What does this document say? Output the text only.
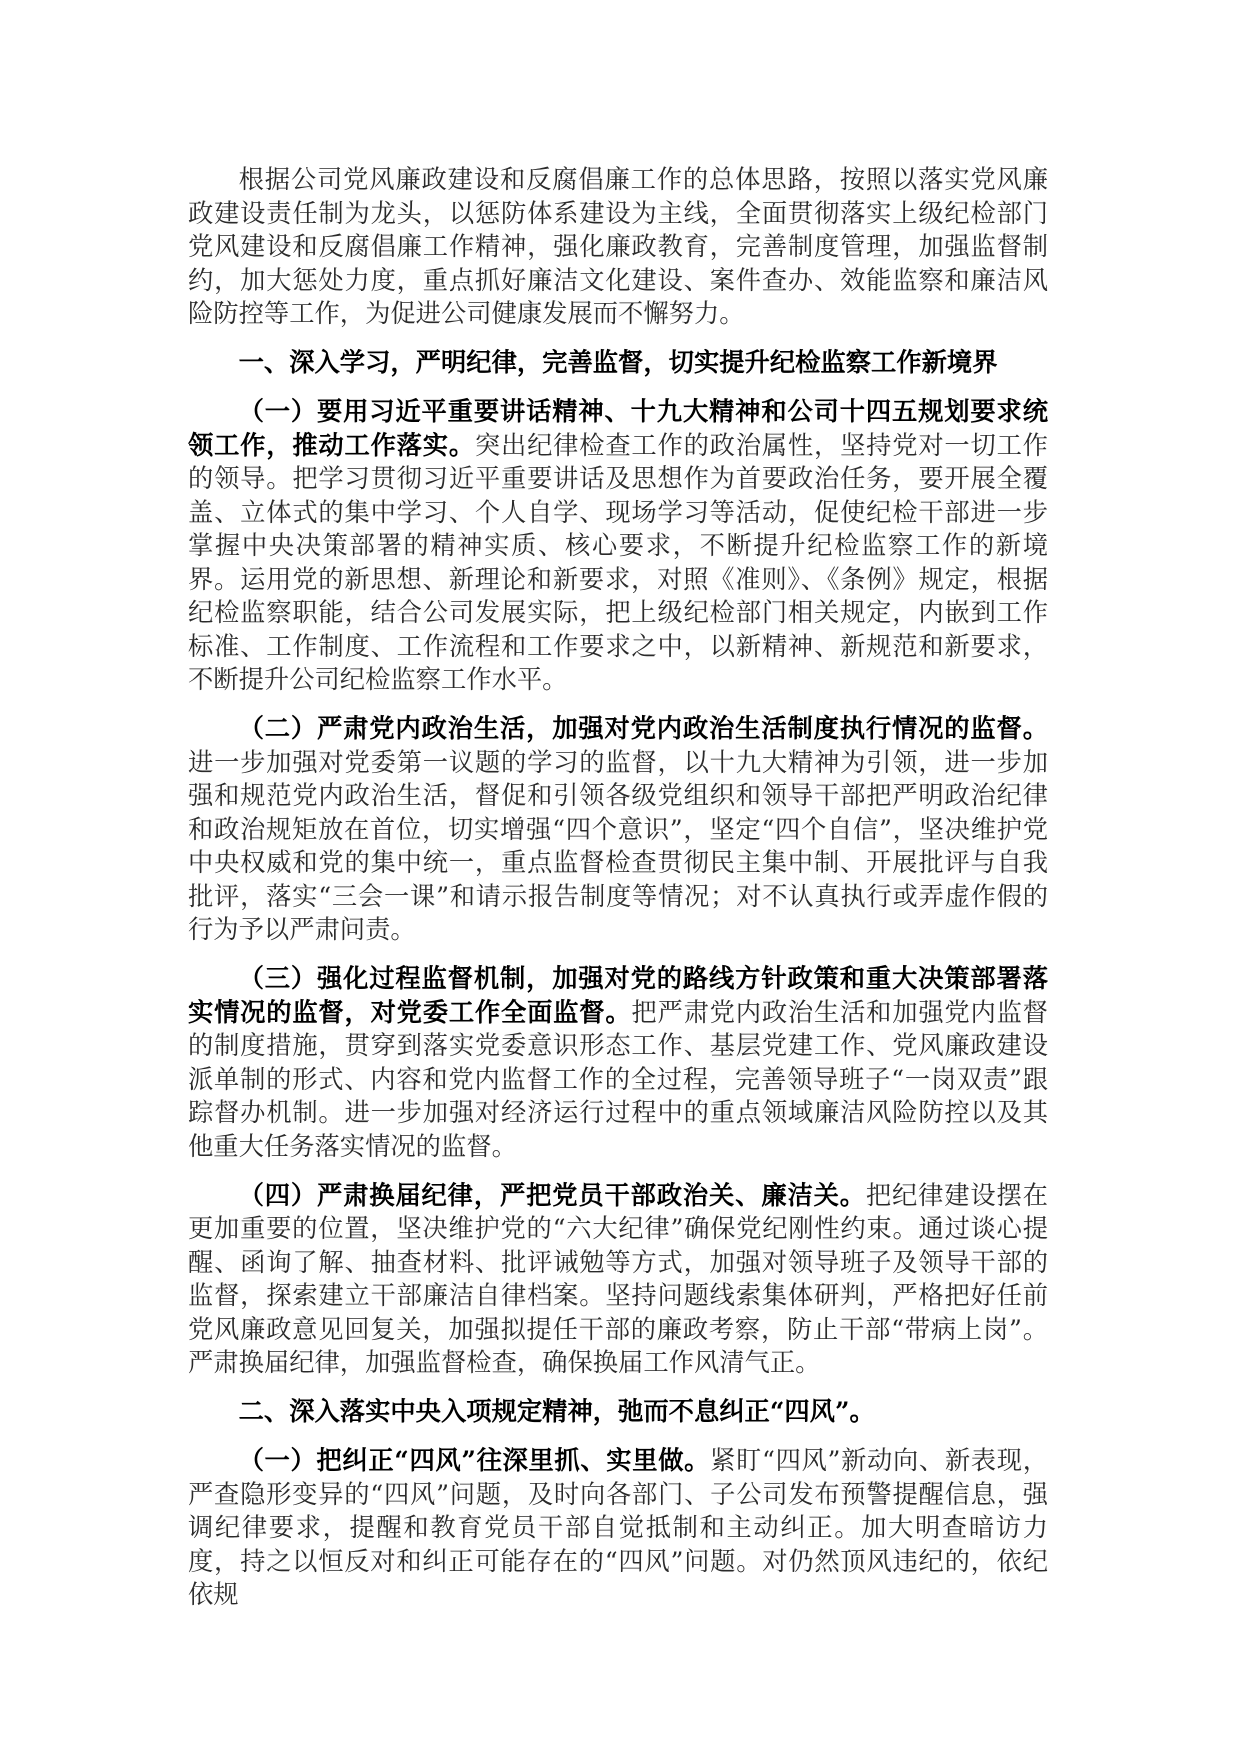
根据公司党风廉政建设和反腐倡廉工作的总体思路，按照以落实党风廉政建设责任制为龙头，以惩防体系建设为主线，全面贯彻落实上级纪检部门党风建设和反腐倡廉工作精神，强化廉政教育，完善制度管理，加强监督制约，加大惩处力度，重点抓好廉洁文化建设、案件查办、效能监察和廉洁风险防控等工作，为促进公司健康发展而不懈努力。

一、深入学习，严明纪律，完善监督，切实提升纪检监察工作新境界

（一）要用习近平重要讲话精神、十九大精神和公司十四五规划要求统领工作，推动工作落实。突出纪律检查工作的政治属性，坚持党对一切工作的领导。把学习贯彻习近平重要讲话及思想作为首要政治任务，要开展全覆盖、立体式的集中学习、个人自学、现场学习等活动，促使纪检干部进一步掌握中央决策部署的精神实质、核心要求，不断提升纪检监察工作的新境界。运用党的新思想、新理论和新要求，对照《准则》、《条例》规定，根据纪检监察职能，结合公司发展实际，把上级纪检部门相关规定，内嵌到工作标准、工作制度、工作流程和工作要求之中，以新精神、新规范和新要求，不断提升公司纪检监察工作水平。

（二）严肃党内政治生活，加强对党内政治生活制度执行情况的监督。进一步加强对党委第一议题的学习的监督，以十九大精神为引领，进一步加强和规范党内政治生活，督促和引领各级党组织和领导干部把严明政治纪律和政治规矩放在首位，切实增强“四个意识”，坚定“四个自信”，坚决维护党中央权威和党的集中统一，重点监督检查贯彻民主集中制、开展批评与自我批评，落实“三会一课”和请示报告制度等情况；对不认真执行或弄虚作假的行为予以严肃问责。

（三）强化过程监督机制，加强对党的路线方针政策和重大决策部署落实情况的监督，对党委工作全面监督。把严肃党内政治生活和加强党内监督的制度措施，贯穿到落实党委意识形态工作、基层党建工作、党风廉政建设派单制的形式、内容和党内监督工作的全过程，完善领导班子“一岗双责”跟踪督办机制。进一步加强对经济运行过程中的重点领域廉洁风险防控以及其他重大任务落实情况的监督。

（四）严肃换届纪律，严把党员干部政治关、廉洁关。把纪律建设摆在更加重要的位置，坚决维护党的“六大纪律”确保党纪刚性约束。通过谈心提醒、函询了解、抽查材料、批评诫勉等方式，加强对领导班子及领导干部的监督，探索建立干部廉洁自律档案。坚持问题线索集体研判，严格把好任前党风廉政意见回复关，加强拟提任干部的廉政考察，防止干部“带病上岗”。严肃换届纪律，加强监督检查，确保换届工作风清气正。

二、深入落实中央入项规定精神，弛而不息纠正“四风”。

（一）把纠正“四风”往深里抓、实里做。紧盯“四风”新动向、新表现，严查隐形变异的“四风”问题，及时向各部门、子公司发布预警提醒信息，强调纪律要求，提醒和教育党员干部自觉抵制和主动纠正。加大明查暗访力度，持之以恒反对和纠正可能存在的“四风”问题。对仍然顶风违纪的，依纪依规
